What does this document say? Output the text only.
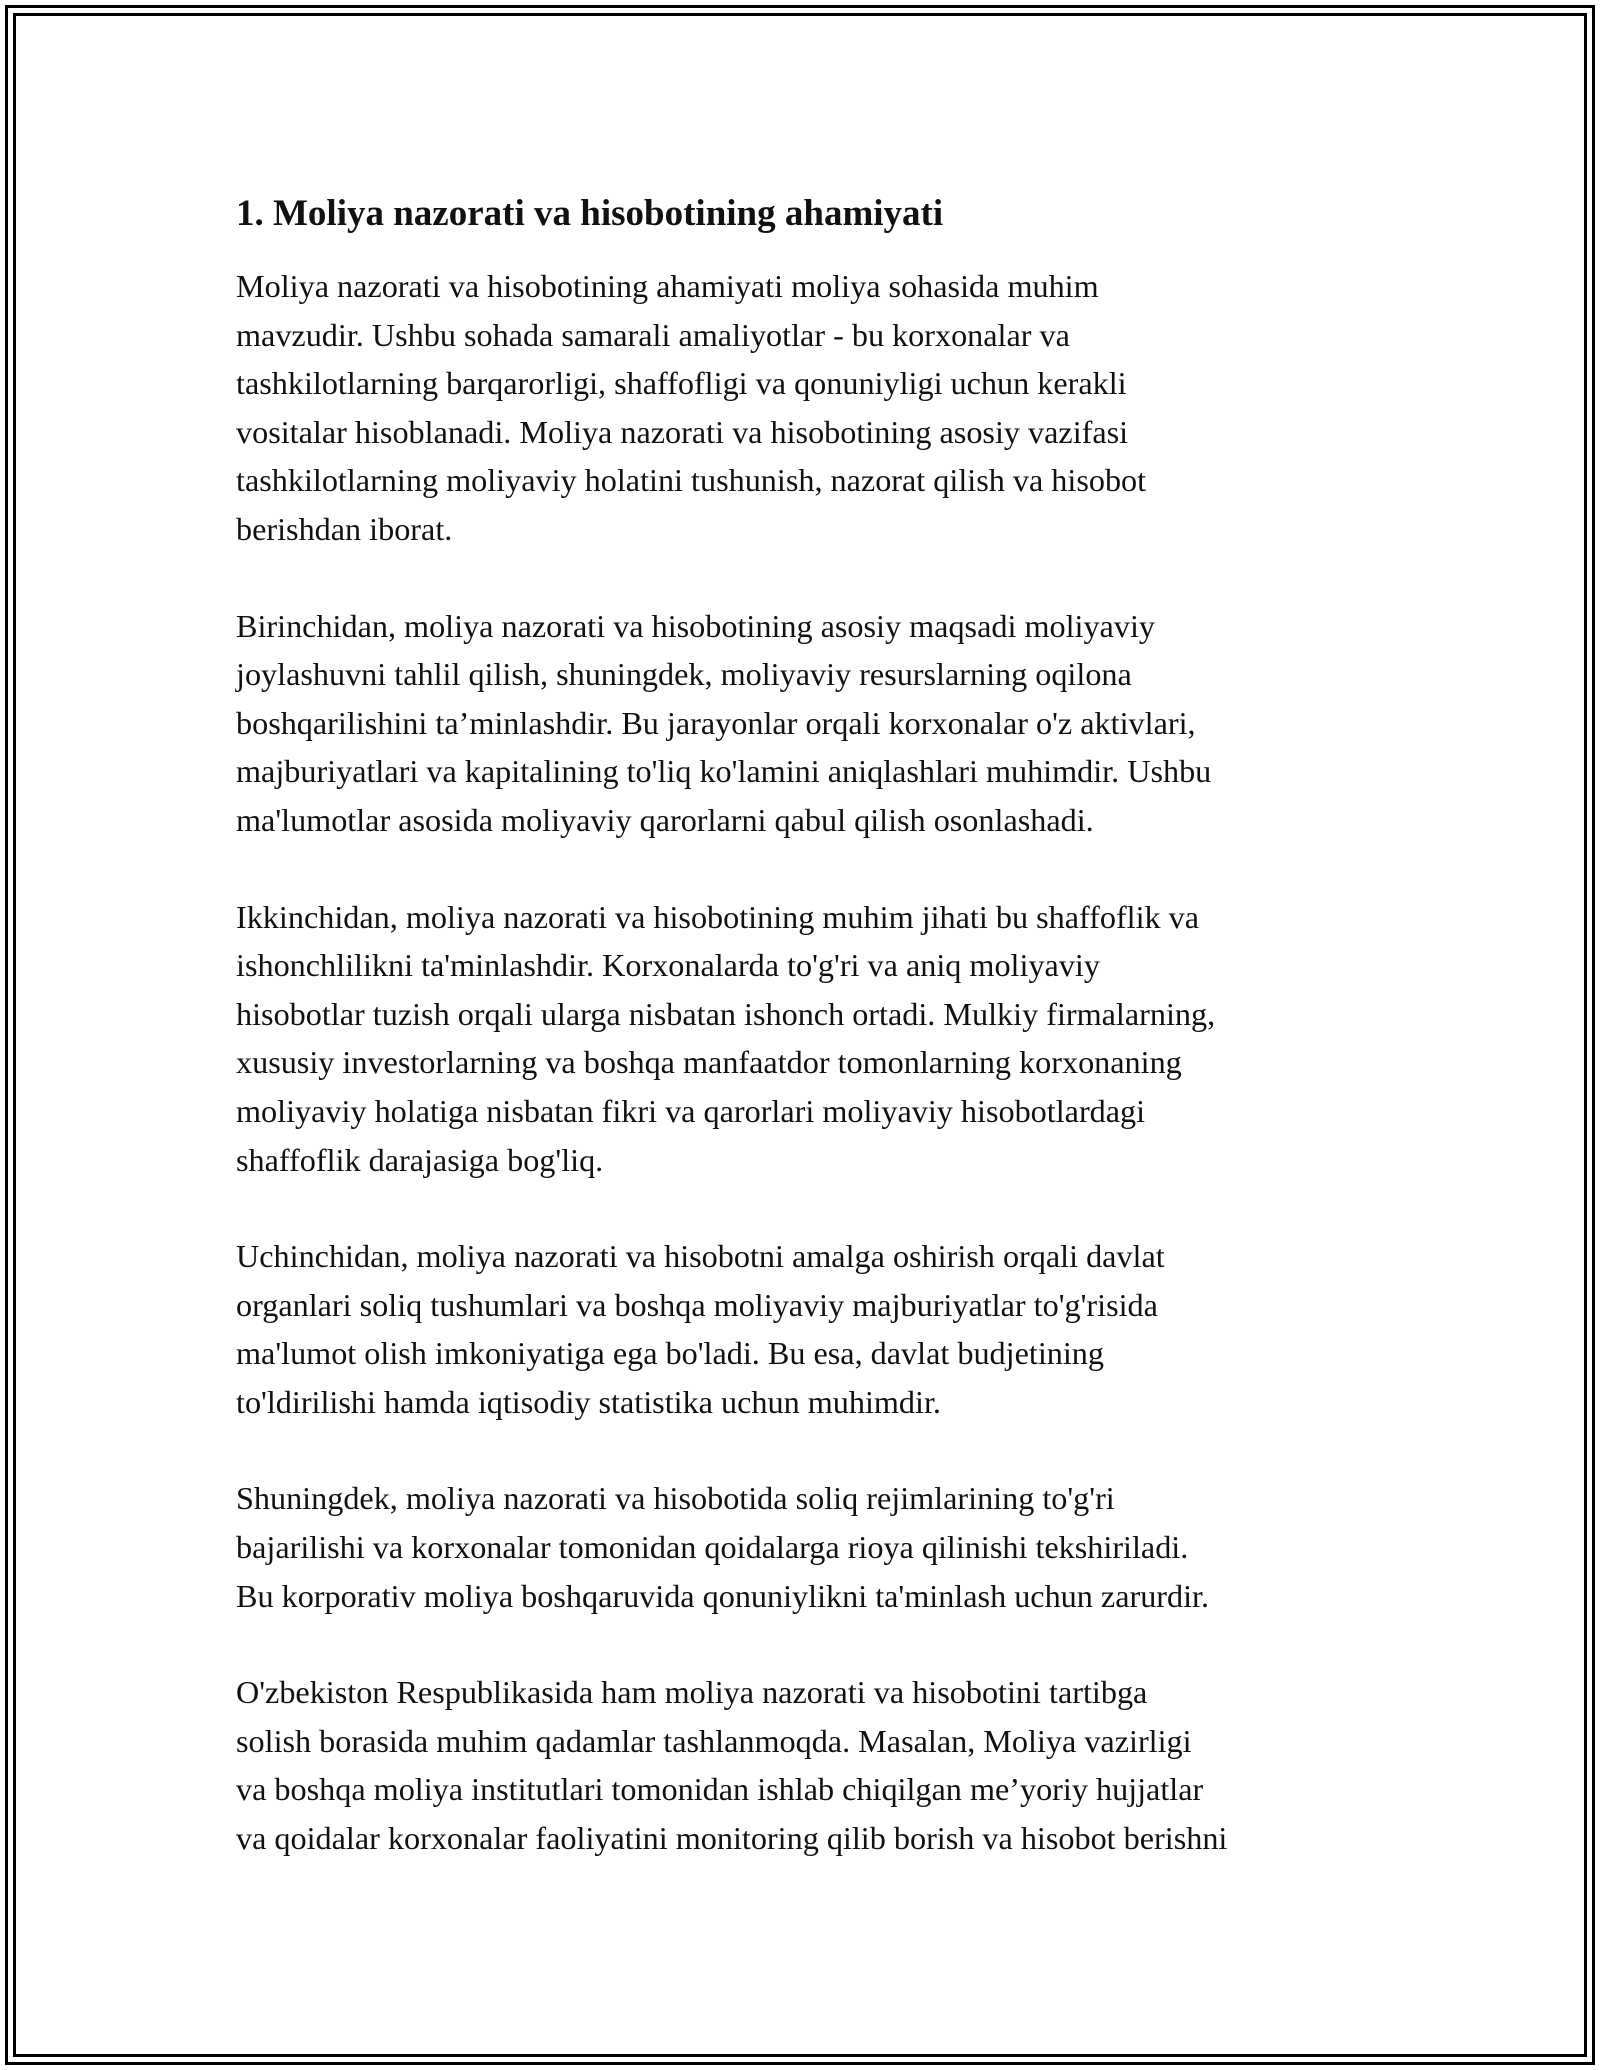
1. Moliya nazorati va hisobotining ahamiyati

Moliya nazorati va hisobotining ahamiyati moliya sohasida muhim
mavzudir. Ushbu sohada samarali amaliyotlar - bu korxonalar va
tashkilotlarning barqarorligi, shaffofligi va qonuniyligi uchun kerakli
vositalar hisoblanadi. Moliya nazorati va hisobotining asosiy vazifasi
tashkilotlarning moliyaviy holatini tushunish, nazorat qilish va hisobot
berishdan iborat.

Birinchidan, moliya nazorati va hisobotining asosiy maqsadi moliyaviy
joylashuvni tahlil qilish, shuningdek, moliyaviy resurslarning oqilona
boshqarilishini ta’minlashdir. Bu jarayonlar orqali korxonalar o'z aktivlari,
majburiyatlari va kapitalining to'liq ko'lamini aniqlashlari muhimdir. Ushbu
ma'lumotlar asosida moliyaviy qarorlarni qabul qilish osonlashadi.

Ikkinchidan, moliya nazorati va hisobotining muhim jihati bu shaffoflik va
ishonchlilikni ta'minlashdir. Korxonalarda to'g'ri va aniq moliyaviy
hisobotlar tuzish orqali ularga nisbatan ishonch ortadi. Mulkiy firmalarning,
xususiy investorlarning va boshqa manfaatdor tomonlarning korxonaning
moliyaviy holatiga nisbatan fikri va qarorlari moliyaviy hisobotlardagi
shaffoflik darajasiga bog'liq.

Uchinchidan, moliya nazorati va hisobotni amalga oshirish orqali davlat
organlari soliq tushumlari va boshqa moliyaviy majburiyatlar to'g'risida
ma'lumot olish imkoniyatiga ega bo'ladi. Bu esa, davlat budjetining
to'ldirilishi hamda iqtisodiy statistika uchun muhimdir.

Shuningdek, moliya nazorati va hisobotida soliq rejimlarining to'g'ri
bajarilishi va korxonalar tomonidan qoidalarga rioya qilinishi tekshiriladi.
Bu korporativ moliya boshqaruvida qonuniylikni ta'minlash uchun zarurdir.

O'zbekiston Respublikasida ham moliya nazorati va hisobotini tartibga
solish borasida muhim qadamlar tashlanmoqda. Masalan, Moliya vazirligi
va boshqa moliya institutlari tomonidan ishlab chiqilgan me’yoriy hujjatlar
va qoidalar korxonalar faoliyatini monitoring qilib borish va hisobot berishni
